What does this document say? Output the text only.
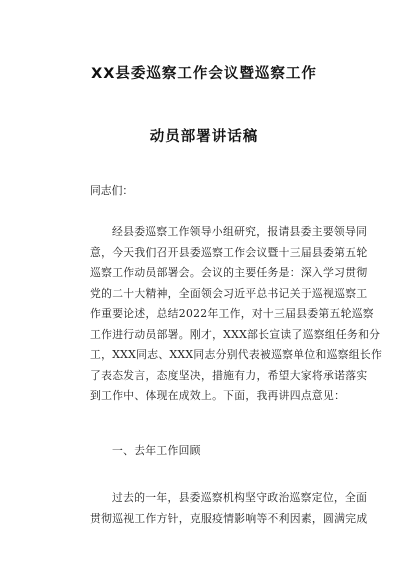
XX县委巡察工作会议暨巡察工作
动员部署讲话稿
同志们：
经县委巡察工作领导小组研究，报请县委主要领导同
意，今天我们召开县委巡察工作会议暨十三届县委第五轮
巡察工作动员部署会。会议的主要任务是：深入学习贯彻
党的二十大精神，全面领会习近平总书记关于巡视巡察工
作重要论述，总结2022年工作，对十三届县委第五轮巡察
工作进行动员部署。刚才，XXX部长宣读了巡察组任务和分
工，XXX同志、XXX同志分别代表被巡察单位和巡察组长作
了表态发言，态度坚决，措施有力，希望大家将承诺落实
到工作中、体现在成效上。下面，我再讲四点意见：
一、去年工作回顾
过去的一年，县委巡察机构坚守政治巡察定位，全面
贯彻巡视工作方针，克服疫情影响等不利因素，圆满完成
